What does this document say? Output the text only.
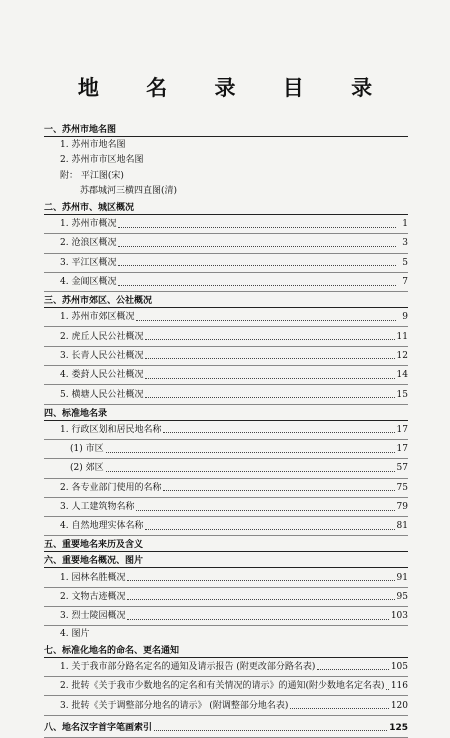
地 名 录 目 录
一、苏州市地名图
1. 苏州市地名图
2. 苏州市市区地名图
附： 平江图(宋)
苏郡城河三横四直图(清)
二、苏州市、城区概况
1. 苏州市概况	1
2. 沧浪区概况	3
3. 平江区概况	5
4. 金阊区概况	7
三、苏州市郊区、公社概况
1. 苏州市郊区概况	9
2. 虎丘人民公社概况	11
3. 长青人民公社概况	12
4. 娄葑人民公社概况	14
5. 横塘人民公社概况	15
四、标准地名录
1. 行政区划和居民地名称	17
(1) 市区	17
(2) 郊区	57
2. 各专业部门使用的名称	75
3. 人工建筑物名称	79
4. 自然地理实体名称	81
五、重要地名来历及含义
六、重要地名概况、图片
1. 园林名胜概况	91
2. 文物古迹概况	95
3. 烈士陵园概况	103
4. 图片
七、标准化地名的命名、更名通知
1. 关于我市部分路名定名的通知及请示报告 (附更改部分路名表)	105
2. 批转《关于我市少数地名的定名和有关情况的请示》的通知(附少数地名定名表) 116
3. 批转《关于调整部分地名的请示》 (附调整部分地名表)	120
八、地名汉字首字笔画索引	125
